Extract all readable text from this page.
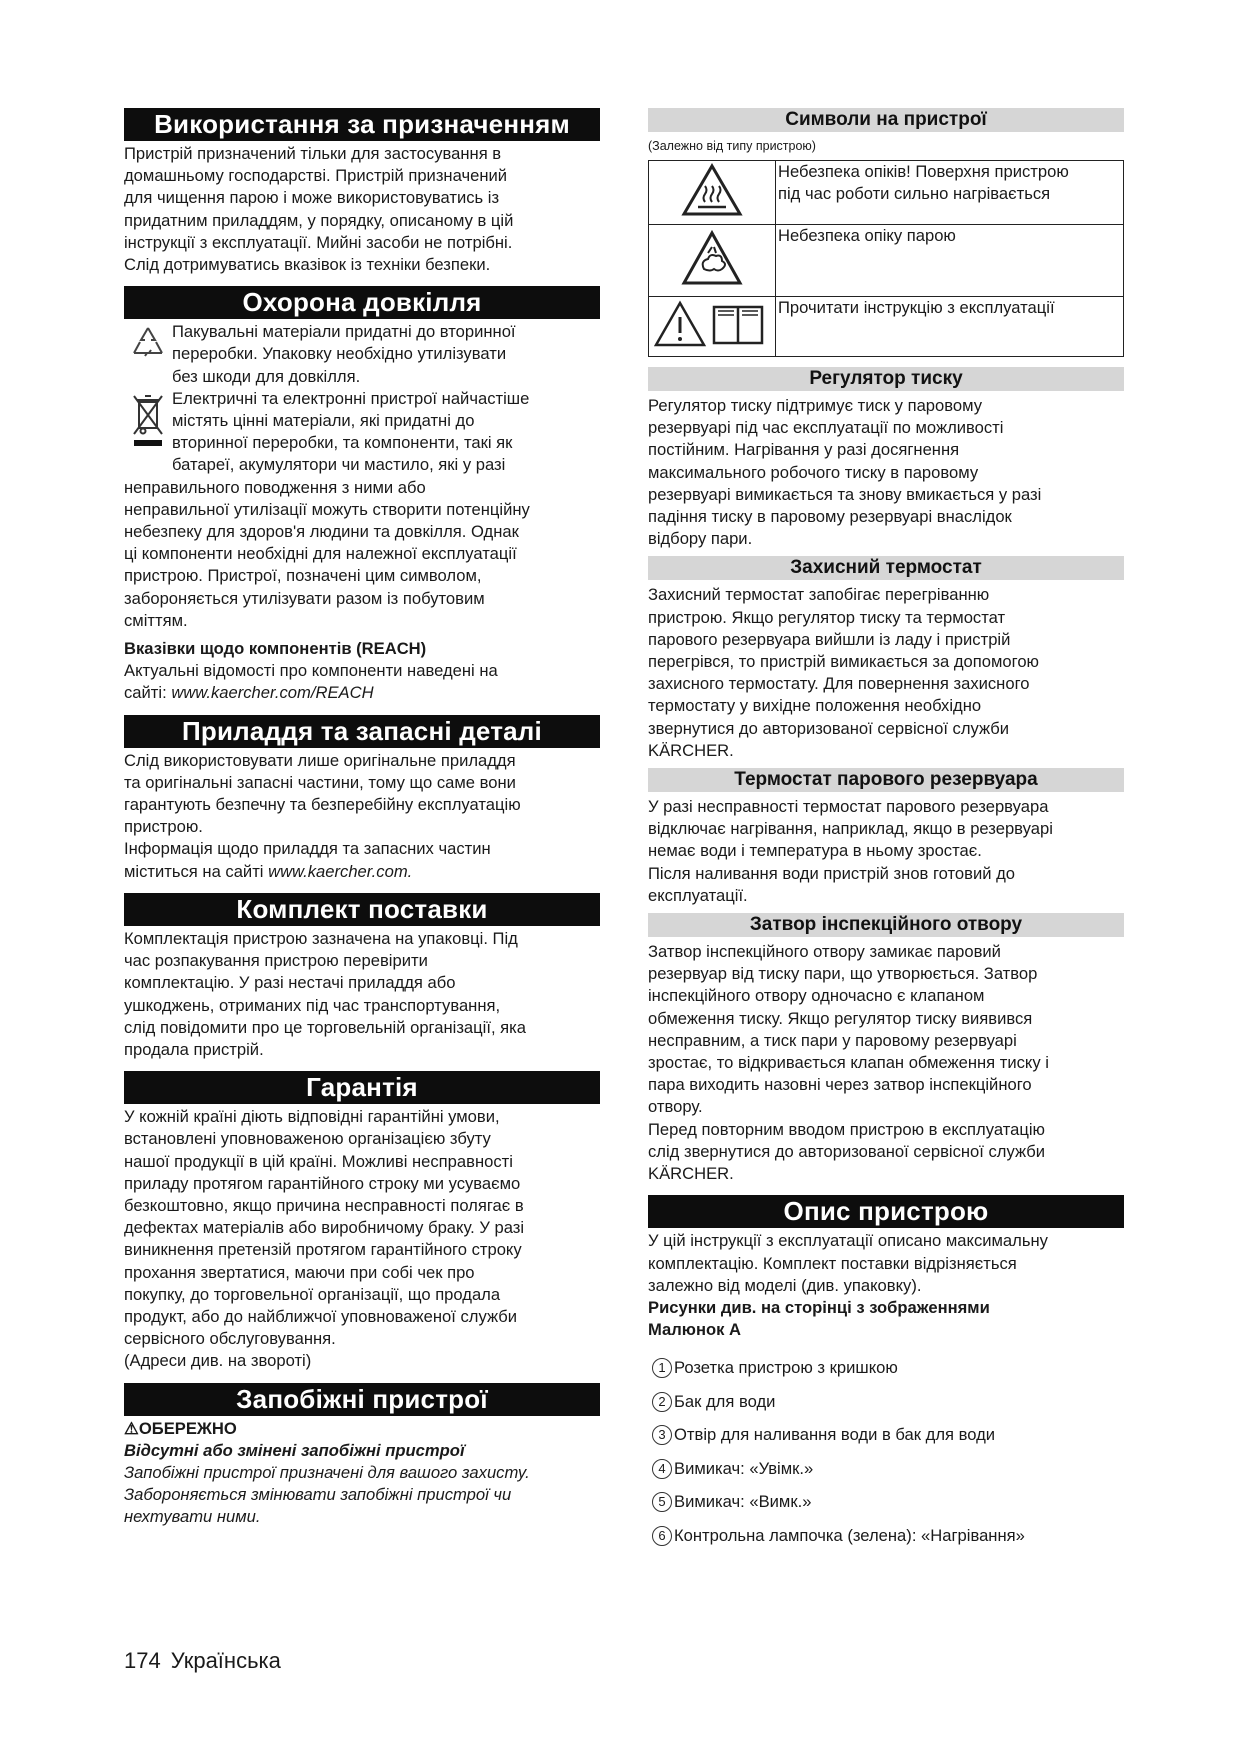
Використання за призначенням

Пристрій призначений тільки для застосування в

домашньому господарстві. Пристрій призначений

для чищення парою і може використовуватись із

придатним приладдям, у порядку, описаному в цій

інструкції з експлуатації. Мийні засоби не потрібні.

Слід дотримуватись вказівок із техніки безпеки.

Охорона довкілля

Пакувальні матеріали придатні до вторинної

переробки. Упаковку необхідно утилізувати

без шкоди для довкілля.

Електричні та електронні пристрої найчастіше

містять цінні матеріали, які придатні до

вторинної переробки, та компоненти, такі як

батареї, акумулятори чи мастило, які у разі

неправильного поводження з ними або

неправильної утилізації можуть створити потенційну

небезпеку для здоров'я людини та довкілля. Однак

ці компоненти необхідні для належної експлуатації

пристрою. Пристрої, позначені цим символом,

забороняється утилізувати разом із побутовим

сміттям.

Вказівки щодо компонентів (REACH)

Актуальні відомості про компоненти наведені на

сайті: www.kaercher.com/REACH

Приладдя та запасні деталі

Слід використовувати лише оригінальне приладдя

та оригінальні запасні частини, тому що саме вони

гарантують безпечну та безперебійну експлуатацію

пристрою.

Інформація щодо приладдя та запасних частин

міститься на сайті www.kaercher.com.

Комплект поставки

Комплектація пристрою зазначена на упаковці. Під

час розпакування пристрою перевірити

комплектацію. У разі нестачі приладдя або

ушкоджень, отриманих під час транспортування,

слід повідомити про це торговельній організації, яка

продала пристрій.

Гарантія

У кожній країні діють відповідні гарантійні умови,

встановлені уповноваженою організацією збуту

нашої продукції в цій країні. Можливі несправності

приладу протягом гарантійного строку ми усуваємо

безкоштовно, якщо причина несправності полягає в

дефектах матеріалів або виробничому браку. У разі

виникнення претензій протягом гарантійного строку

прохання звертатися, маючи при собі чек про

покупку, до торговельної організації, що продала

продукт, або до найближчої уповноваженої служби

сервісного обслуговування.

(Адреси див. на звороті)

Запобіжні пристрої

⚠ОБЕРЕЖНО

Відсутні або змінені запобіжні пристрої

Запобіжні пристрої призначені для вашого захисту.

Забороняється змінювати запобіжні пристрої чи

нехтувати ними.

Символи на пристрої

(Залежно від типу пристрою)

Небезпека опіків! Поверхня пристрою
під час роботи сильно нагрівається

Небезпека опіку парою

Прочитати інструкцію з експлуатації
Регулятор тиску

Регулятор тиску підтримує тиск у паровому

резервуарі під час експлуатації по можливості

постійним. Нагрівання у разі досягнення

максимального робочого тиску в паровому

резервуарі вимикається та знову вмикається у разі

падіння тиску в паровому резервуарі внаслідок

відбору пари.

Захисний термостат

Захисний термостат запобігає перегріванню

пристрою. Якщо регулятор тиску та термостат

парового резервуара вийшли із ладу і пристрій

перегрівся, то пристрій вимикається за допомогою

захисного термостату. Для повернення захисного

термостату у вихідне положення необхідно

звернутися до авторизованої сервісної служби

KÄRCHER.

Термостат парового резервуара

У разі несправності термостат парового резервуара

відключає нагрівання, наприклад, якщо в резервуарі

немає води і температура в ньому зростає.

Після наливання води пристрій знов готовий до

експлуатації.

Затвор інспекційного отвору

Затвор інспекційного отвору замикає паровий

резервуар від тиску пари, що утворюється. Затвор

інспекційного отвору одночасно є клапаном

обмеження тиску. Якщо регулятор тиску виявився

несправним, а тиск пари у паровому резервуарі

зростає, то відкривається клапан обмеження тиску і

пара виходить назовні через затвор інспекційного

отвору.

Перед повторним вводом пристрою в експлуатацію

слід звернутися до авторизованої сервісної служби

KÄRCHER.

Опис пристрою

У цій інструкції з експлуатації описано максимальну

комплектацію. Комплект поставки відрізняється

залежно від моделі (див. упаковку).

Рисунки див. на сторінці з зображеннями

Малюнок А

1 Розетка пристрою з кришкою
2 Бак для води
3 Отвір для наливання води в бак для води
4 Вимикач: «Увімк.»
5 Вимикач: «Вимк.»
6 Контрольна лампочка (зелена): «Нагрівання»
174 Українська
